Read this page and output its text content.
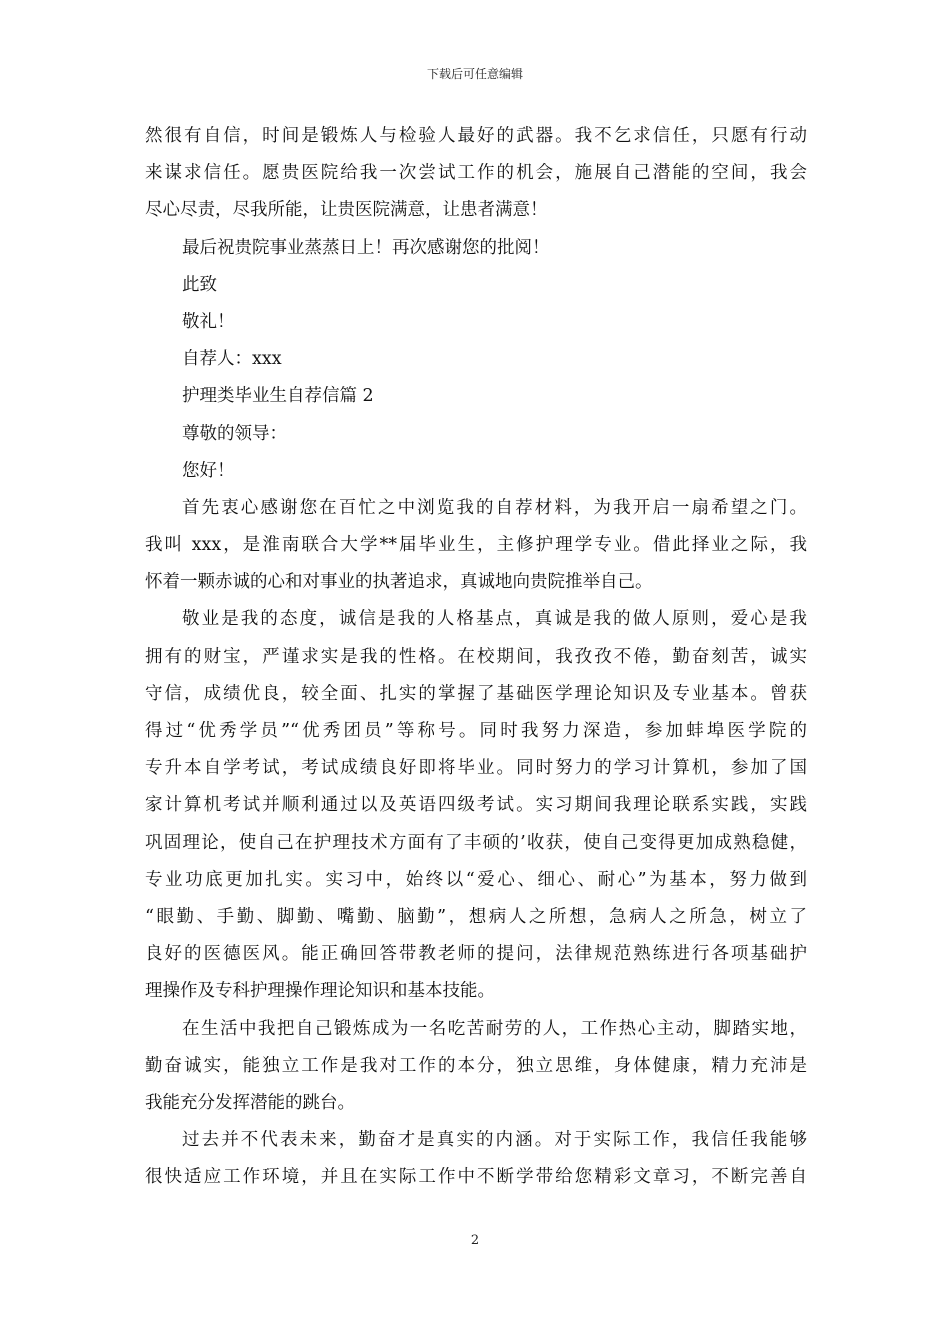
下载后可任意编辑
然很有自信，时间是锻炼人与检验人最好的武器。我不乞求信任，只愿有行动
来谋求信任。愿贵医院给我一次尝试工作的机会，施展自己潜能的空间，我会
尽心尽责，尽我所能，让贵医院满意，让患者满意！
最后祝贵院事业蒸蒸日上！再次感谢您的批阅！
此致
敬礼！
自荐人：xxx
护理类毕业生自荐信篇 2
尊敬的领导：
您好！
首先衷心感谢您在百忙之中浏览我的自荐材料，为我开启一扇希望之门。
我叫 xxx，是淮南联合大学**届毕业生，主修护理学专业。借此择业之际，我
怀着一颗赤诚的心和对事业的执著追求，真诚地向贵院推举自己。
敬业是我的态度，诚信是我的人格基点，真诚是我的做人原则，爱心是我
拥有的财宝，严谨求实是我的性格。在校期间，我孜孜不倦，勤奋刻苦，诚实
守信，成绩优良，较全面、扎实的掌握了基础医学理论知识及专业基本。曾获
得过“优秀学员”“优秀团员”等称号。同时我努力深造，参加蚌埠医学院的
专升本自学考试，考试成绩良好即将毕业。同时努力的学习计算机，参加了国
家计算机考试并顺利通过以及英语四级考试。实习期间我理论联系实践，实践
巩固理论，使自己在护理技术方面有了丰硕的’收获，使自己变得更加成熟稳健，
专业功底更加扎实。实习中，始终以“爱心、细心、耐心”为基本，努力做到
“眼勤、手勤、脚勤、嘴勤、脑勤”，想病人之所想，急病人之所急，树立了
良好的医德医风。能正确回答带教老师的提问，法律规范熟练进行各项基础护
理操作及专科护理操作理论知识和基本技能。
在生活中我把自己锻炼成为一名吃苦耐劳的人，工作热心主动，脚踏实地，
勤奋诚实，能独立工作是我对工作的本分，独立思维，身体健康，精力充沛是
我能充分发挥潜能的跳台。
过去并不代表未来，勤奋才是真实的内涵。对于实际工作，我信任我能够
很快适应工作环境，并且在实际工作中不断学带给您精彩文章习，不断完善自
2
